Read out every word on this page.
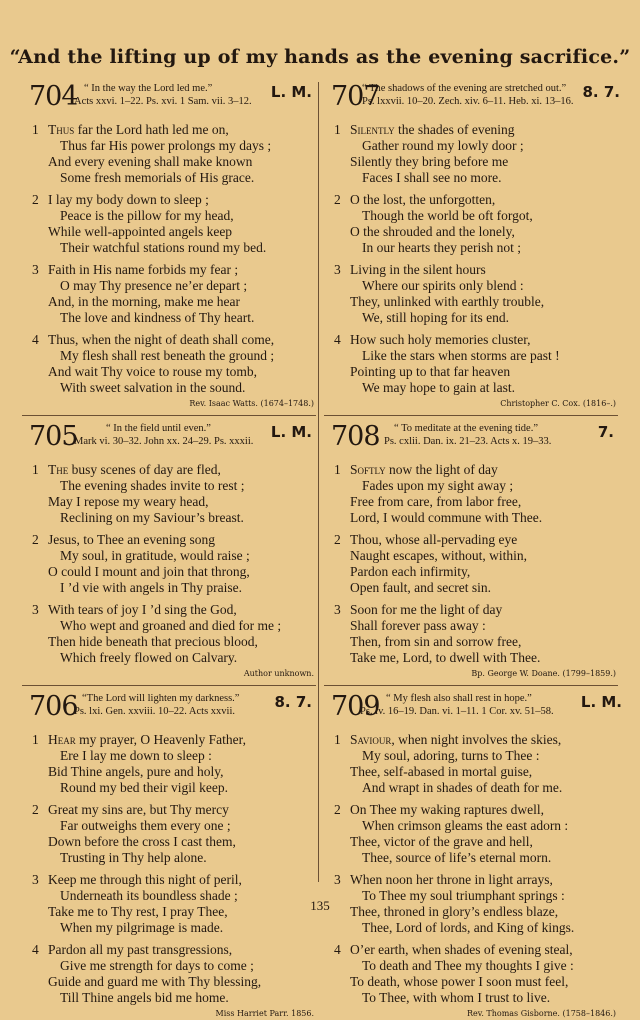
“And the lifting up of my hands as the evening sacrifice.”
704 “ In the way the Lord led me.”
Acts xxvi. 1–22. Ps. xvi. 1 Sam. vii. 3–12.
L. M.
1 Thus far the Lord hath led me on,
Thus far His power prolongs my days ;
And every evening shall make known
Some fresh memorials of His grace.
2 I lay my body down to sleep ;
Peace is the pillow for my head,
While well-appointed angels keep
Their watchful stations round my bed.
3 Faith in His name forbids my fear ;
O may Thy presence ne’er depart ;
And, in the morning, make me hear
The love and kindness of Thy heart.
4 Thus, when the night of death shall come,
My flesh shall rest beneath the ground ;
And wait Thy voice to rouse my tomb,
With sweet salvation in the sound.
Rev. Isaac Watts. (1674–1748.)
705	“ In the field until even.”
Mark vi. 30–32. John xx. 24–29. Ps. xxxii.
L. M.
1 The busy scenes of day are fled,
The evening shades invite to rest ;
May I repose my weary head,
Reclining on my Saviour’s breast.
2 Jesus, to Thee an evening song
My soul, in gratitude, would raise ;
O could I mount and join that throng,
I ’d vie with angels in Thy praise.
3 With tears of joy I ’d sing the God,
Who wept and groaned and died for me ;
Then hide beneath that precious blood,
Which freely flowed on Calvary.
Author unknown.
706 “The Lord will lighten my darkness.”
Ps. lxi. Gen. xxviii. 10–22. Acts xxvii.
8. 7.
1 Hear my prayer, O Heavenly Father,
Ere I lay me down to sleep :
Bid Thine angels, pure and holy,
Round my bed their vigil keep.
2 Great my sins are, but Thy mercy
Far outweighs them every one ;
Down before the cross I cast them,
Trusting in Thy help alone.
3 Keep me through this night of peril,
Underneath its boundless shade ;
Take me to Thy rest, I pray Thee,
When my pilgrimage is made.
4 Pardon all my past transgressions,
Give me strength for days to come ;
Guide and guard me with Thy blessing,
Till Thine angels bid me home.
Miss Harriet Parr. 1856.
707
“ The shadows of the evening are stretched out.”
Ps. lxxvii. 10–20. Zech. xiv. 6–11. Heb. xi. 13–16.
8. 7.
1 Silently the shades of evening
Gather round my lowly door ;
Silently they bring before me
Faces I shall see no more.
2 O the lost, the unforgotten,
Though the world be oft forgot,
O the shrouded and the lonely,
In our hearts they perish not ;
3 Living in the silent hours
Where our spirits only blend :
They, unlinked with earthly trouble,
We, still hoping for its end.
4 How such holy memories cluster,
Like the stars when storms are past !
Pointing up to that far heaven
We may hope to gain at last.
Christopher C. Cox. (1816–.)
708 “ To meditate at the evening tide.”
Ps. cxlii. Dan. ix. 21–23. Acts x. 19–33.
7.
1 Softly now the light of day
Fades upon my sight away ;
Free from care, from labor free,
Lord, I would commune with Thee.
2 Thou, whose all-pervading eye
Naught escapes, without, within,
Pardon each infirmity,
Open fault, and secret sin.
3 Soon for me the light of day
Shall forever pass away :
Then, from sin and sorrow free,
Take me, Lord, to dwell with Thee.
Bp. George W. Doane. (1799–1859.)
709 “ My flesh also shall rest in hope.”
Ps. lv. 16–19. Dan. vi. 1–11. 1 Cor. xv. 51–58.
L. M.
1 Saviour, when night involves the skies,
My soul, adoring, turns to Thee :
Thee, self-abased in mortal guise,
And wrapt in shades of death for me.
2 On Thee my waking raptures dwell,
When crimson gleams the east adorn :
Thee, victor of the grave and hell,
Thee, source of life’s eternal morn.
3 When noon her throne in light arrays,
To Thee my soul triumphant springs :
Thee, throned in glory’s endless blaze,
Thee, Lord of lords, and King of kings.
4 O’er earth, when shades of evening steal,
To death and Thee my thoughts I give :
To death, whose power I soon must feel,
To Thee, with whom I trust to live.
Rev. Thomas Gisborne. (1758–1846.)
135
